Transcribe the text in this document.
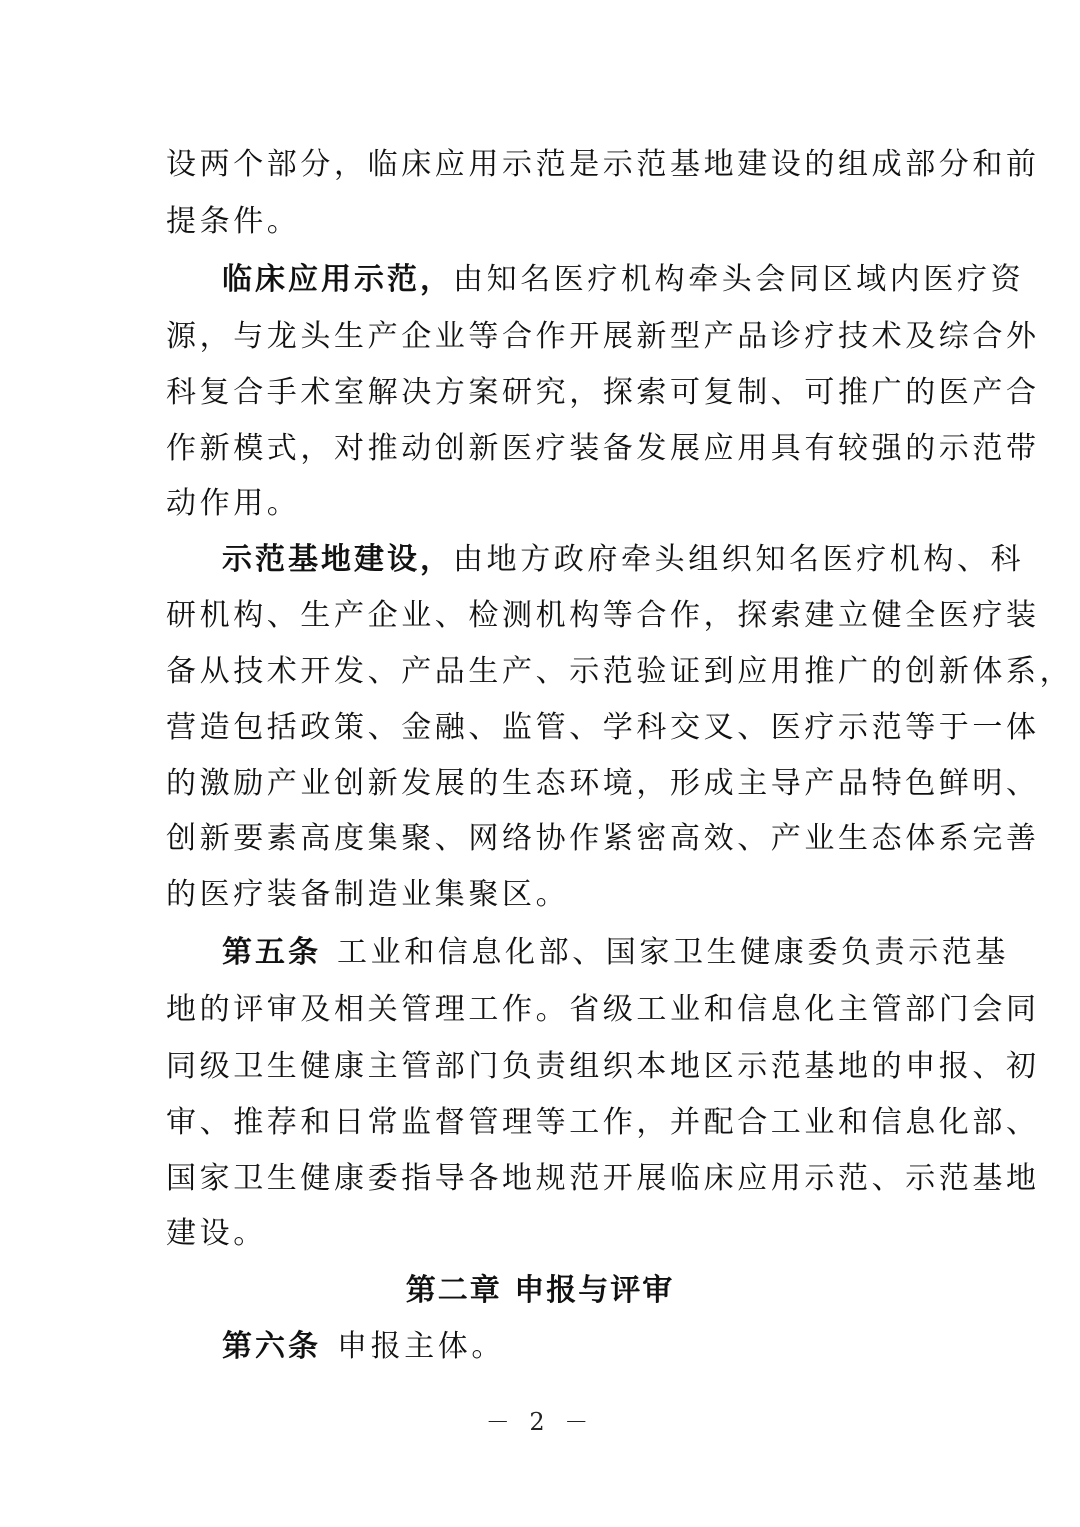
设两个部分，临床应用示范是示范基地建设的组成部分和前
提条件。
临床应用示范，由知名医疗机构牵头会同区域内医疗资
源，与龙头生产企业等合作开展新型产品诊疗技术及综合外
科复合手术室解决方案研究，探索可复制、可推广的医产合
作新模式，对推动创新医疗装备发展应用具有较强的示范带
动作用。
示范基地建设，由地方政府牵头组织知名医疗机构、科
研机构、生产企业、检测机构等合作，探索建立健全医疗装
备从技术开发、产品生产、示范验证到应用推广的创新体系，
营造包括政策、金融、监管、学科交叉、医疗示范等于一体
的激励产业创新发展的生态环境，形成主导产品特色鲜明、
创新要素高度集聚、网络协作紧密高效、产业生态体系完善
的医疗装备制造业集聚区。
第五条 工业和信息化部、国家卫生健康委负责示范基
地的评审及相关管理工作。省级工业和信息化主管部门会同
同级卫生健康主管部门负责组织本地区示范基地的申报、初
审、推荐和日常监督管理等工作，并配合工业和信息化部、
国家卫生健康委指导各地规范开展临床应用示范、示范基地
建设。
第二章 申报与评审
第六条 申报主体。
－ 2 －
